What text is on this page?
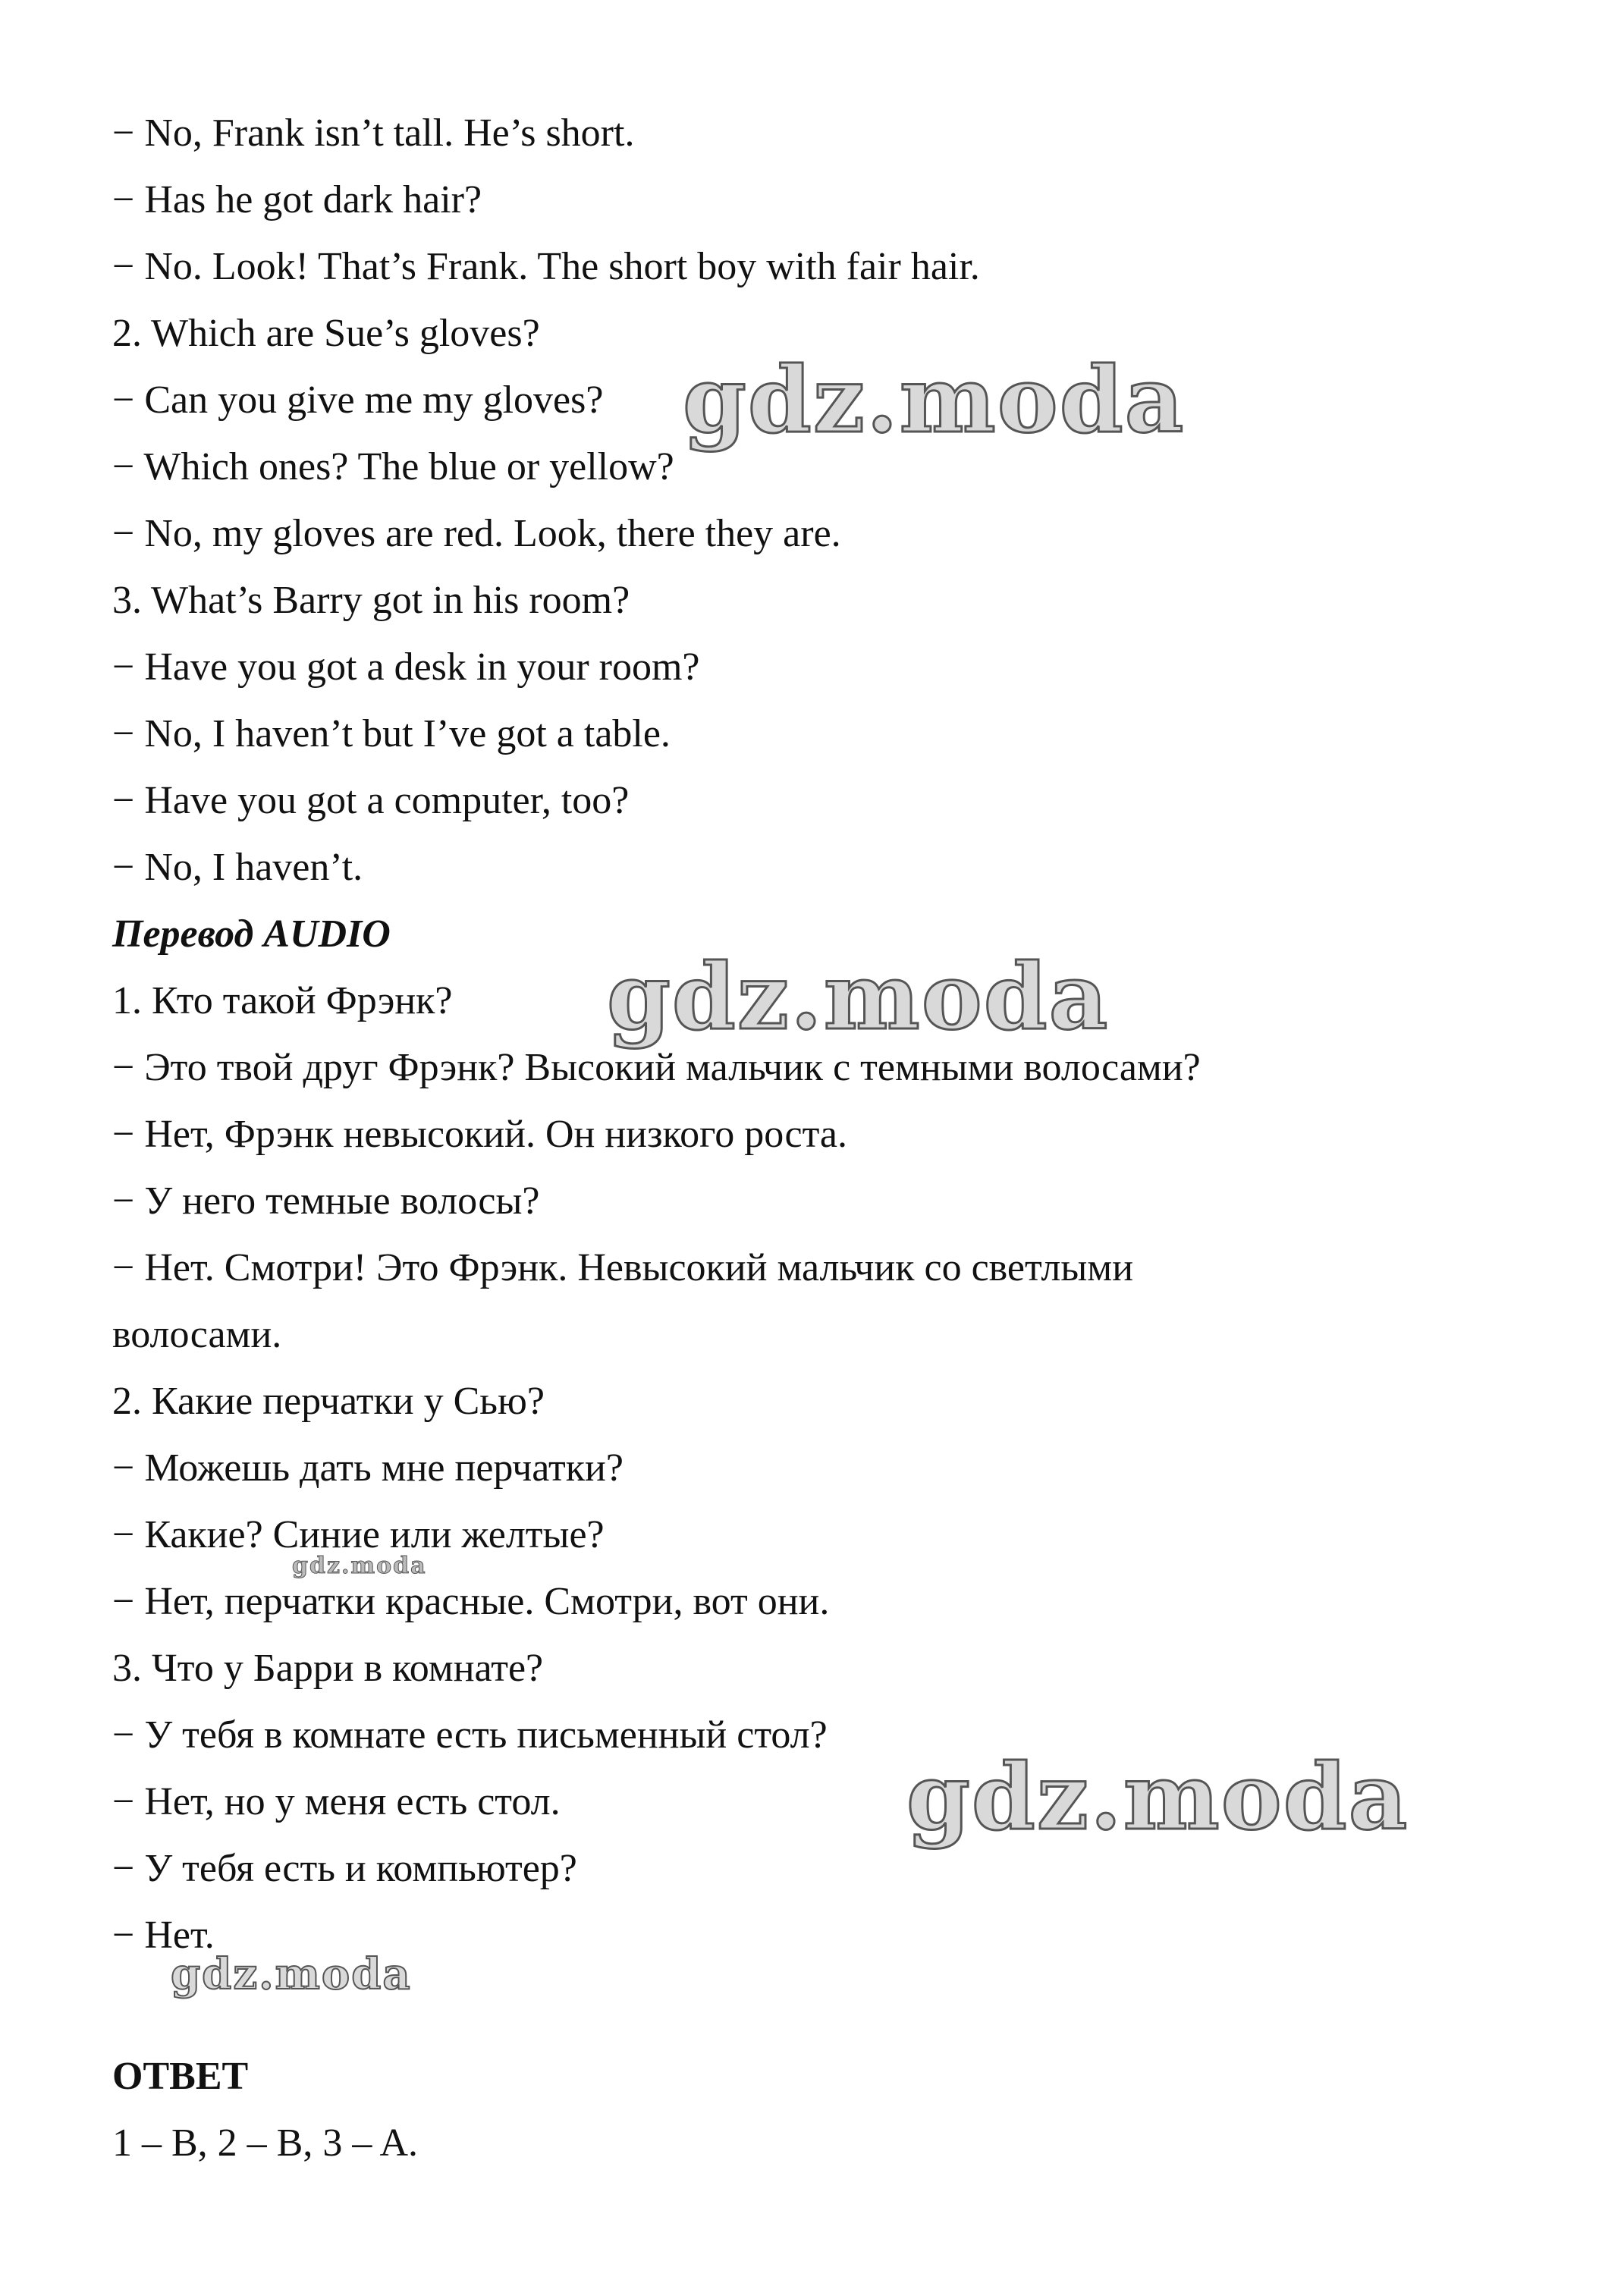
− No, Frank isn’t tall. He’s short.
− Has he got dark hair?
− No. Look! That’s Frank. The short boy with fair hair.
2. Which are Sue’s gloves?
− Can you give me my gloves?
− Which ones? The blue or yellow?
− No, my gloves are red. Look, there they are.
3. What’s Barry got in his room?
− Have you got a desk in your room?
− No, I haven’t but I’ve got a table.
− Have you got a computer, too?
− No, I haven’t.
Перевод AUDIO
1. Кто такой Фрэнк?
− Это твой друг Фрэнк? Высокий мальчик с темными волосами?
− Нет, Фрэнк невысокий. Он низкого роста.
− У него темные волосы?
− Нет. Смотри! Это Фрэнк. Невысокий мальчик со светлыми
волосами.
2. Какие перчатки у Сью?
− Можешь дать мне перчатки?
− Какие? Синие или желтые?
− Нет, перчатки красные. Смотри, вот они.
3. Что у Барри в комнате?
− У тебя в комнате есть письменный стол?
− Нет, но у меня есть стол.
− У тебя есть и компьютер?
− Нет.
ОТВЕТ
1 – B, 2 – B, 3 – A.
gdz.moda
gdz.moda
gdz.moda
gdz.moda
gdz.moda
